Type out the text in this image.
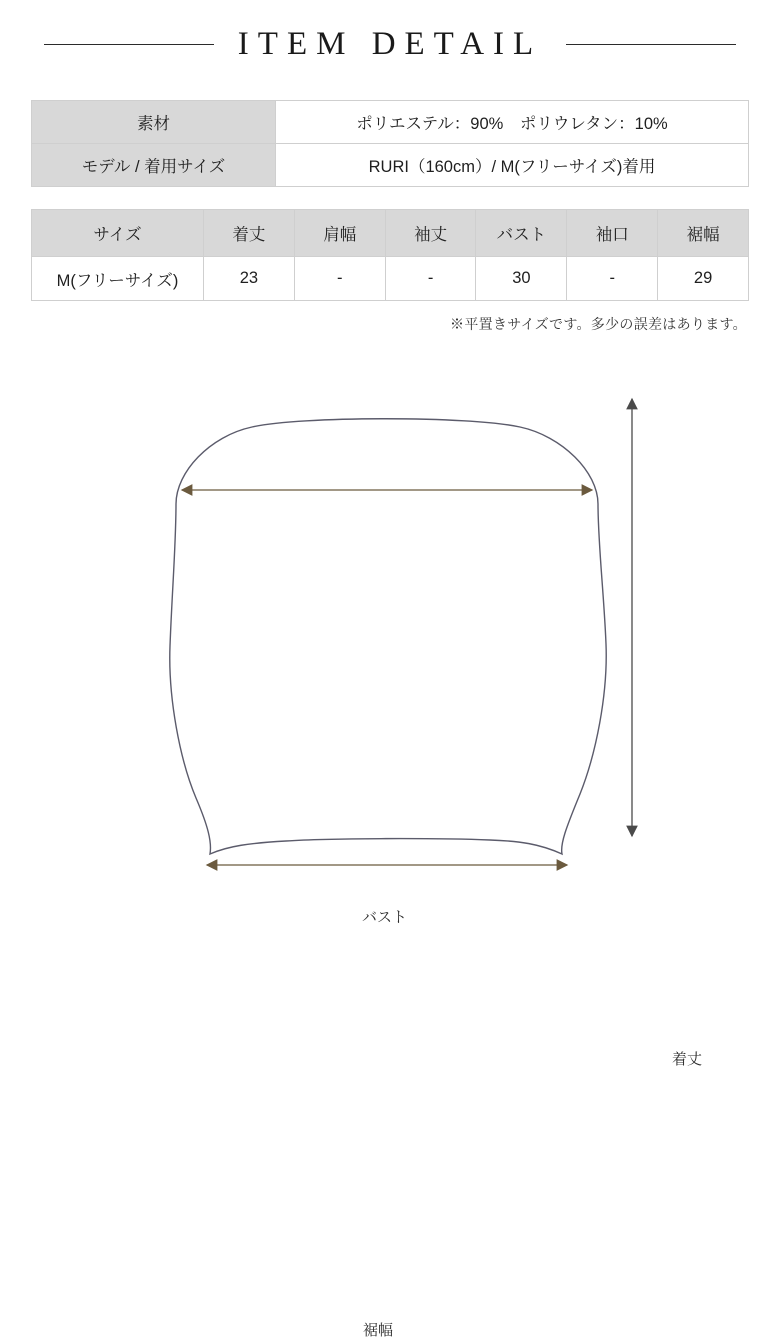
ITEM DETAIL
素材	ポリエステル：90%　ポリウレタン：10%
モデル / 着用サイズ	RURI（160cm）/ M(フリーサイズ)着用
サイズ	着丈	肩幅	袖丈	バスト	袖口	裾幅
M(フリーサイズ)	23	-	-	30	-	29
※平置きサイズです。多少の誤差はあります。
バスト
着丈
裾幅
